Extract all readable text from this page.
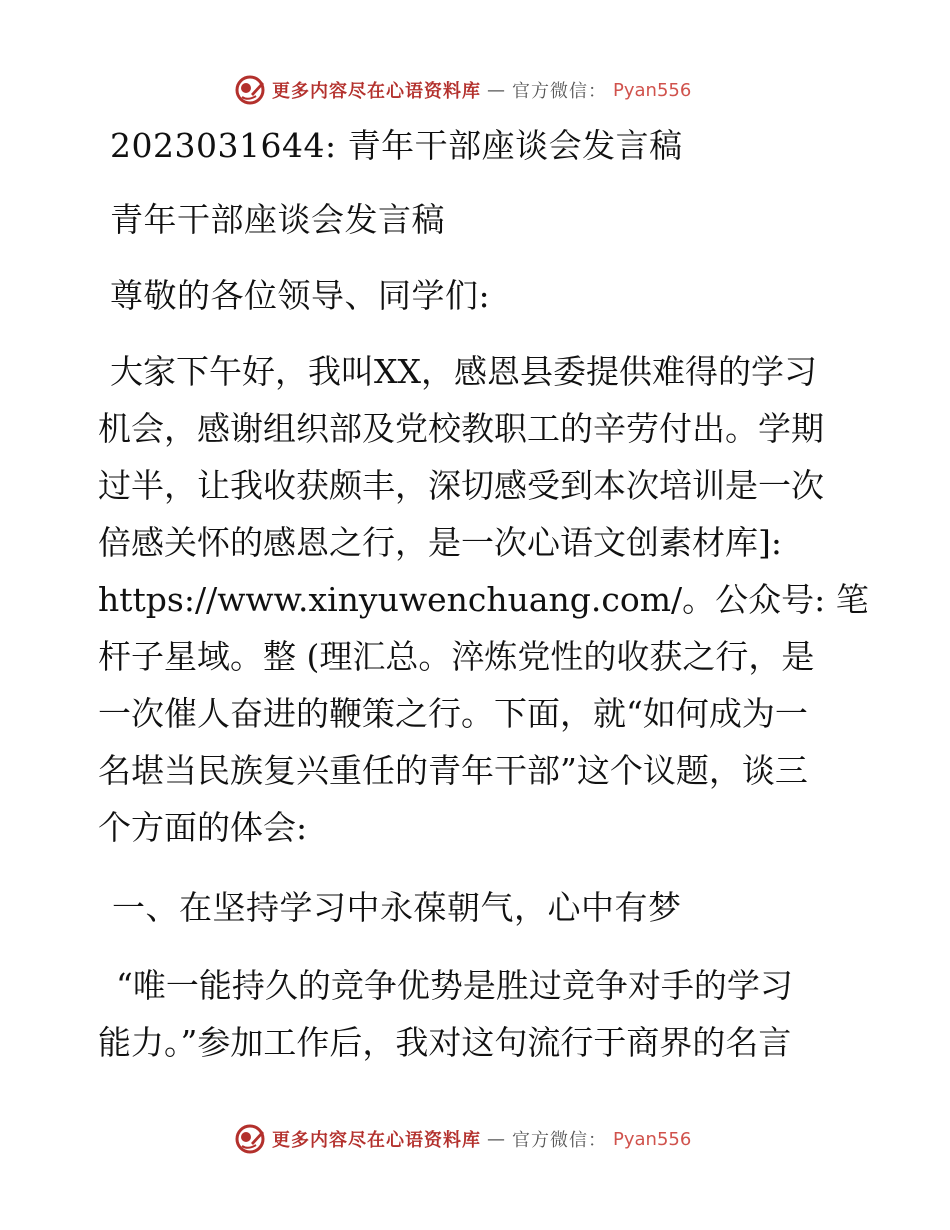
更多内容尽在心语资料库 — 官方微信： Pyan556
2023031644: 青年干部座谈会发言稿
青年干部座谈会发言稿
尊敬的各位领导、同学们:
大家下午好，我叫XX，感恩县委提供难得的学习
机会，感谢组织部及党校教职工的辛劳付出。学期
过半，让我收获颇丰，深切感受到本次培训是一次
倍感关怀的感恩之行，是一次心语文创素材库]:
https://www.xinyuwenchuang.com/。公众号: 笔
杆子星域。整 (理汇总。淬炼党性的收获之行，是
一次催人奋进的鞭策之行。下面，就“如何成为一
名堪当民族复兴重任的青年干部”这个议题，谈三
个方面的体会:
一、在坚持学习中永葆朝气，心中有梦
“唯一能持久的竞争优势是胜过竞争对手的学习
能力。”参加工作后，我对这句流行于商界的名言
更多内容尽在心语资料库 — 官方微信： Pyan556
